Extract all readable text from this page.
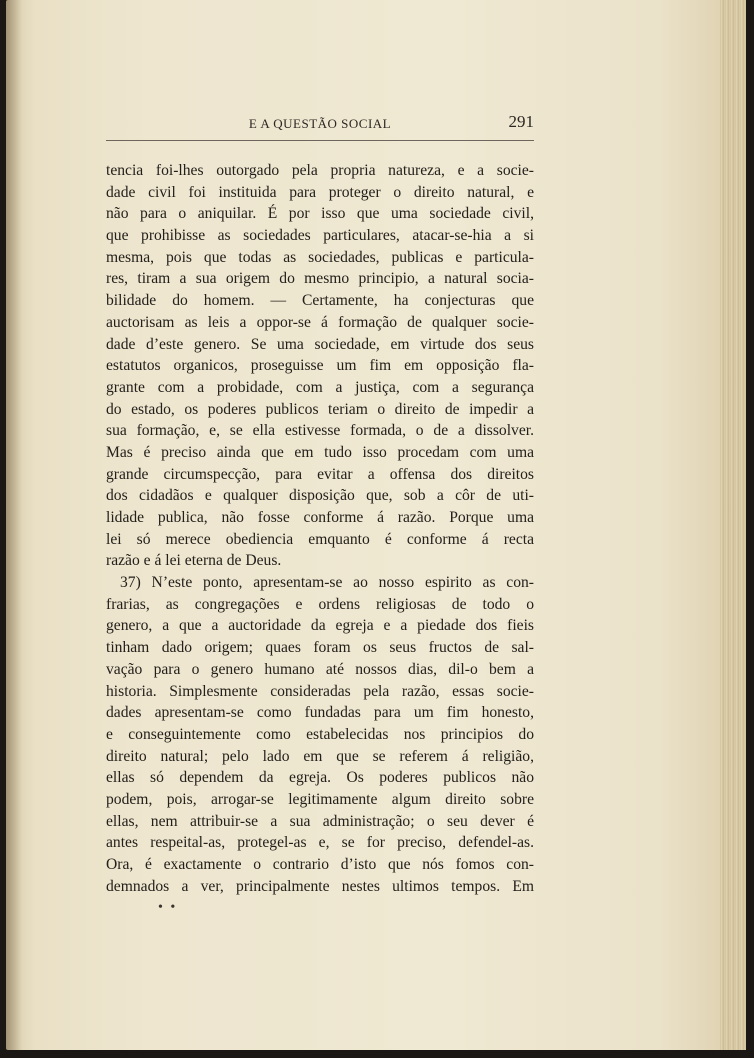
E A QUESTÃO SOCIAL	291
tencia foi-lhes outorgado pela propria natureza, e a socie-
dade civil foi instituida para proteger o direito natural, e
não para o aniquilar. É por isso que uma sociedade civil,
que prohibisse as sociedades particulares, atacar-se-hia a si
mesma, pois que todas as sociedades, publicas e particula-
res, tiram a sua origem do mesmo principio, a natural socia-
bilidade do homem. — Certamente, ha conjecturas que
auctorisam as leis a oppor-se á formação de qualquer socie-
dade d’este genero. Se uma sociedade, em virtude dos seus
estatutos organicos, proseguisse um fim em opposição fla-
grante com a probidade, com a justiça, com a segurança
do estado, os poderes publicos teriam o direito de impedir a
sua formação, e, se ella estivesse formada, o de a dissolver.
Mas é preciso ainda que em tudo isso procedam com uma
grande circumspecção, para evitar a offensa dos direitos
dos cidadãos e qualquer disposição que, sob a côr de uti-
lidade publica, não fosse conforme á razão. Porque uma
lei só merece obediencia emquanto é conforme á recta
razão e á lei eterna de Deus.
37) N’este ponto, apresentam-se ao nosso espirito as con-
frarias, as congregações e ordens religiosas de todo o
genero, a que a auctoridade da egreja e a piedade dos fieis
tinham dado origem; quaes foram os seus fructos de sal-
vação para o genero humano até nossos dias, dil-o bem a
historia. Simplesmente consideradas pela razão, essas socie-
dades apresentam-se como fundadas para um fim honesto,
e conseguintemente como estabelecidas nos principios do
direito natural; pelo lado em que se referem á religião,
ellas só dependem da egreja. Os poderes publicos não
podem, pois, arrogar-se legitimamente algum direito sobre
ellas, nem attribuir-se a sua administração; o seu dever é
antes respeital-as, protegel-as e, se for preciso, defendel-as.
Ora, é exactamente o contrario d’isto que nós fomos con-
demnados a ver, principalmente nestes ultimos tempos. Em
• •
